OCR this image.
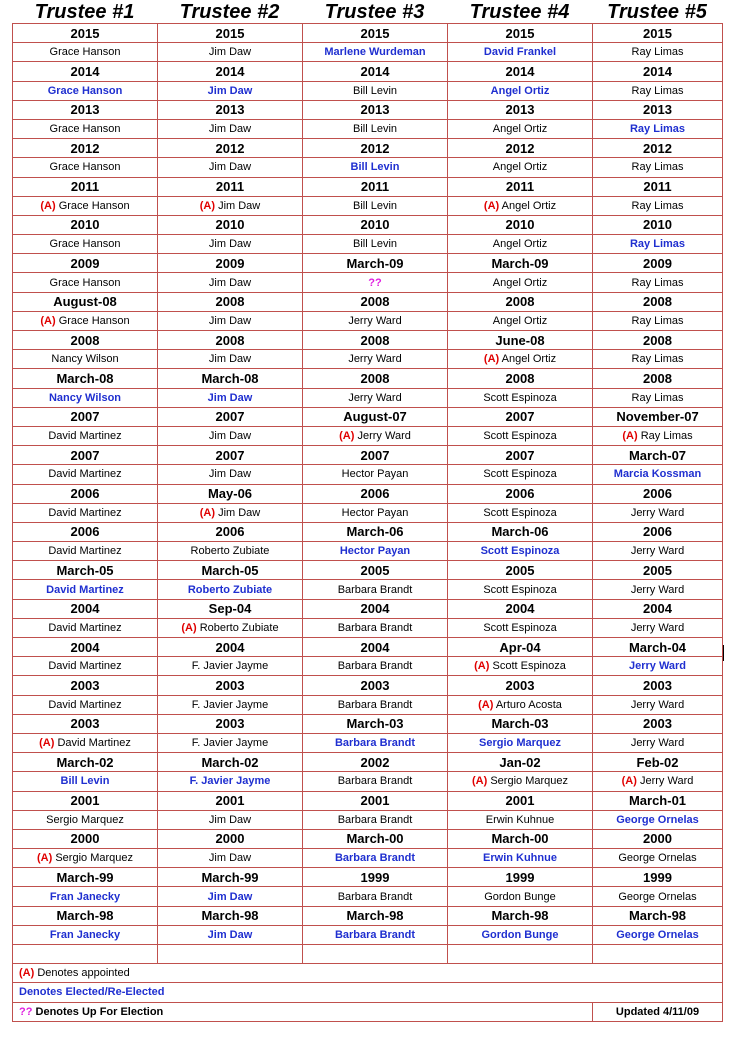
Trustee #1	Trustee #2	Trustee #3	Trustee #4	Trustee #5
2015	2015	2015	2015	2015
Grace Hanson	Jim Daw	Marlene Wurdeman	David Frankel	Ray Limas
2014	2014	2014	2014	2014
Grace Hanson	Jim Daw	Bill Levin	Angel Ortiz	Ray Limas
2013	2013	2013	2013	2013
Grace Hanson	Jim Daw	Bill Levin	Angel Ortiz	Ray Limas
2012	2012	2012	2012	2012
Grace Hanson	Jim Daw	Bill Levin	Angel Ortiz	Ray Limas
2011	2011	2011	2011	2011
(A) Grace Hanson	(A) Jim Daw	Bill Levin	(A) Angel Ortiz	Ray Limas
2010	2010	2010	2010	2010
Grace Hanson	Jim Daw	Bill Levin	Angel Ortiz	Ray Limas
2009	2009	March-09	March-09	2009
Grace Hanson	Jim Daw	??	Angel Ortiz	Ray Limas
August-08	2008	2008	2008	2008
(A) Grace Hanson	Jim Daw	Jerry Ward	Angel Ortiz	Ray Limas
2008	2008	2008	June-08	2008
Nancy Wilson	Jim Daw	Jerry Ward	(A) Angel Ortiz	Ray Limas
March-08	March-08	2008	2008	2008
Nancy Wilson	Jim Daw	Jerry Ward	Scott Espinoza	Ray Limas
2007	2007	August-07	2007	November-07
David Martinez	Jim Daw	(A) Jerry Ward	Scott Espinoza	(A) Ray Limas
2007	2007	2007	2007	March-07
David Martinez	Jim Daw	Hector Payan	Scott Espinoza	Marcia Kossman
2006	May-06	2006	2006	2006
David Martinez	(A) Jim Daw	Hector Payan	Scott Espinoza	Jerry Ward
2006	2006	March-06	March-06	2006
David Martinez	Roberto Zubiate	Hector Payan	Scott Espinoza	Jerry Ward
March-05	March-05	2005	2005	2005
David Martinez	Roberto Zubiate	Barbara Brandt	Scott Espinoza	Jerry Ward
2004	Sep-04	2004	2004	2004
David Martinez	(A) Roberto Zubiate	Barbara Brandt	Scott Espinoza	Jerry Ward
2004	2004	2004	Apr-04	March-04
David Martinez	F. Javier Jayme	Barbara Brandt	(A) Scott Espinoza	Jerry Ward
2003	2003	2003	2003	2003
David Martinez	F. Javier Jayme	Barbara Brandt	(A) Arturo Acosta	Jerry Ward
2003	2003	March-03	March-03	2003
(A) David Martinez	F. Javier Jayme	Barbara Brandt	Sergio Marquez	Jerry Ward
March-02	March-02	2002	Jan-02	Feb-02
Bill Levin	F. Javier Jayme	Barbara Brandt	(A) Sergio Marquez	(A) Jerry Ward
2001	2001	2001	2001	March-01
Sergio Marquez	Jim Daw	Barbara Brandt	Erwin Kuhnue	George Ornelas
2000	2000	March-00	March-00	2000
(A) Sergio Marquez	Jim Daw	Barbara Brandt	Erwin Kuhnue	George Ornelas
March-99	March-99	1999	1999	1999
Fran Janecky	Jim Daw	Barbara Brandt	Gordon Bunge	George Ornelas
March-98	March-98	March-98	March-98	March-98
Fran Janecky	Jim Daw	Barbara Brandt	Gordon Bunge	George Ornelas

(A) Denotes appointed				
Denotes Elected/Re-Elected				
?? Denotes Up For Election				Updated 4/11/09
